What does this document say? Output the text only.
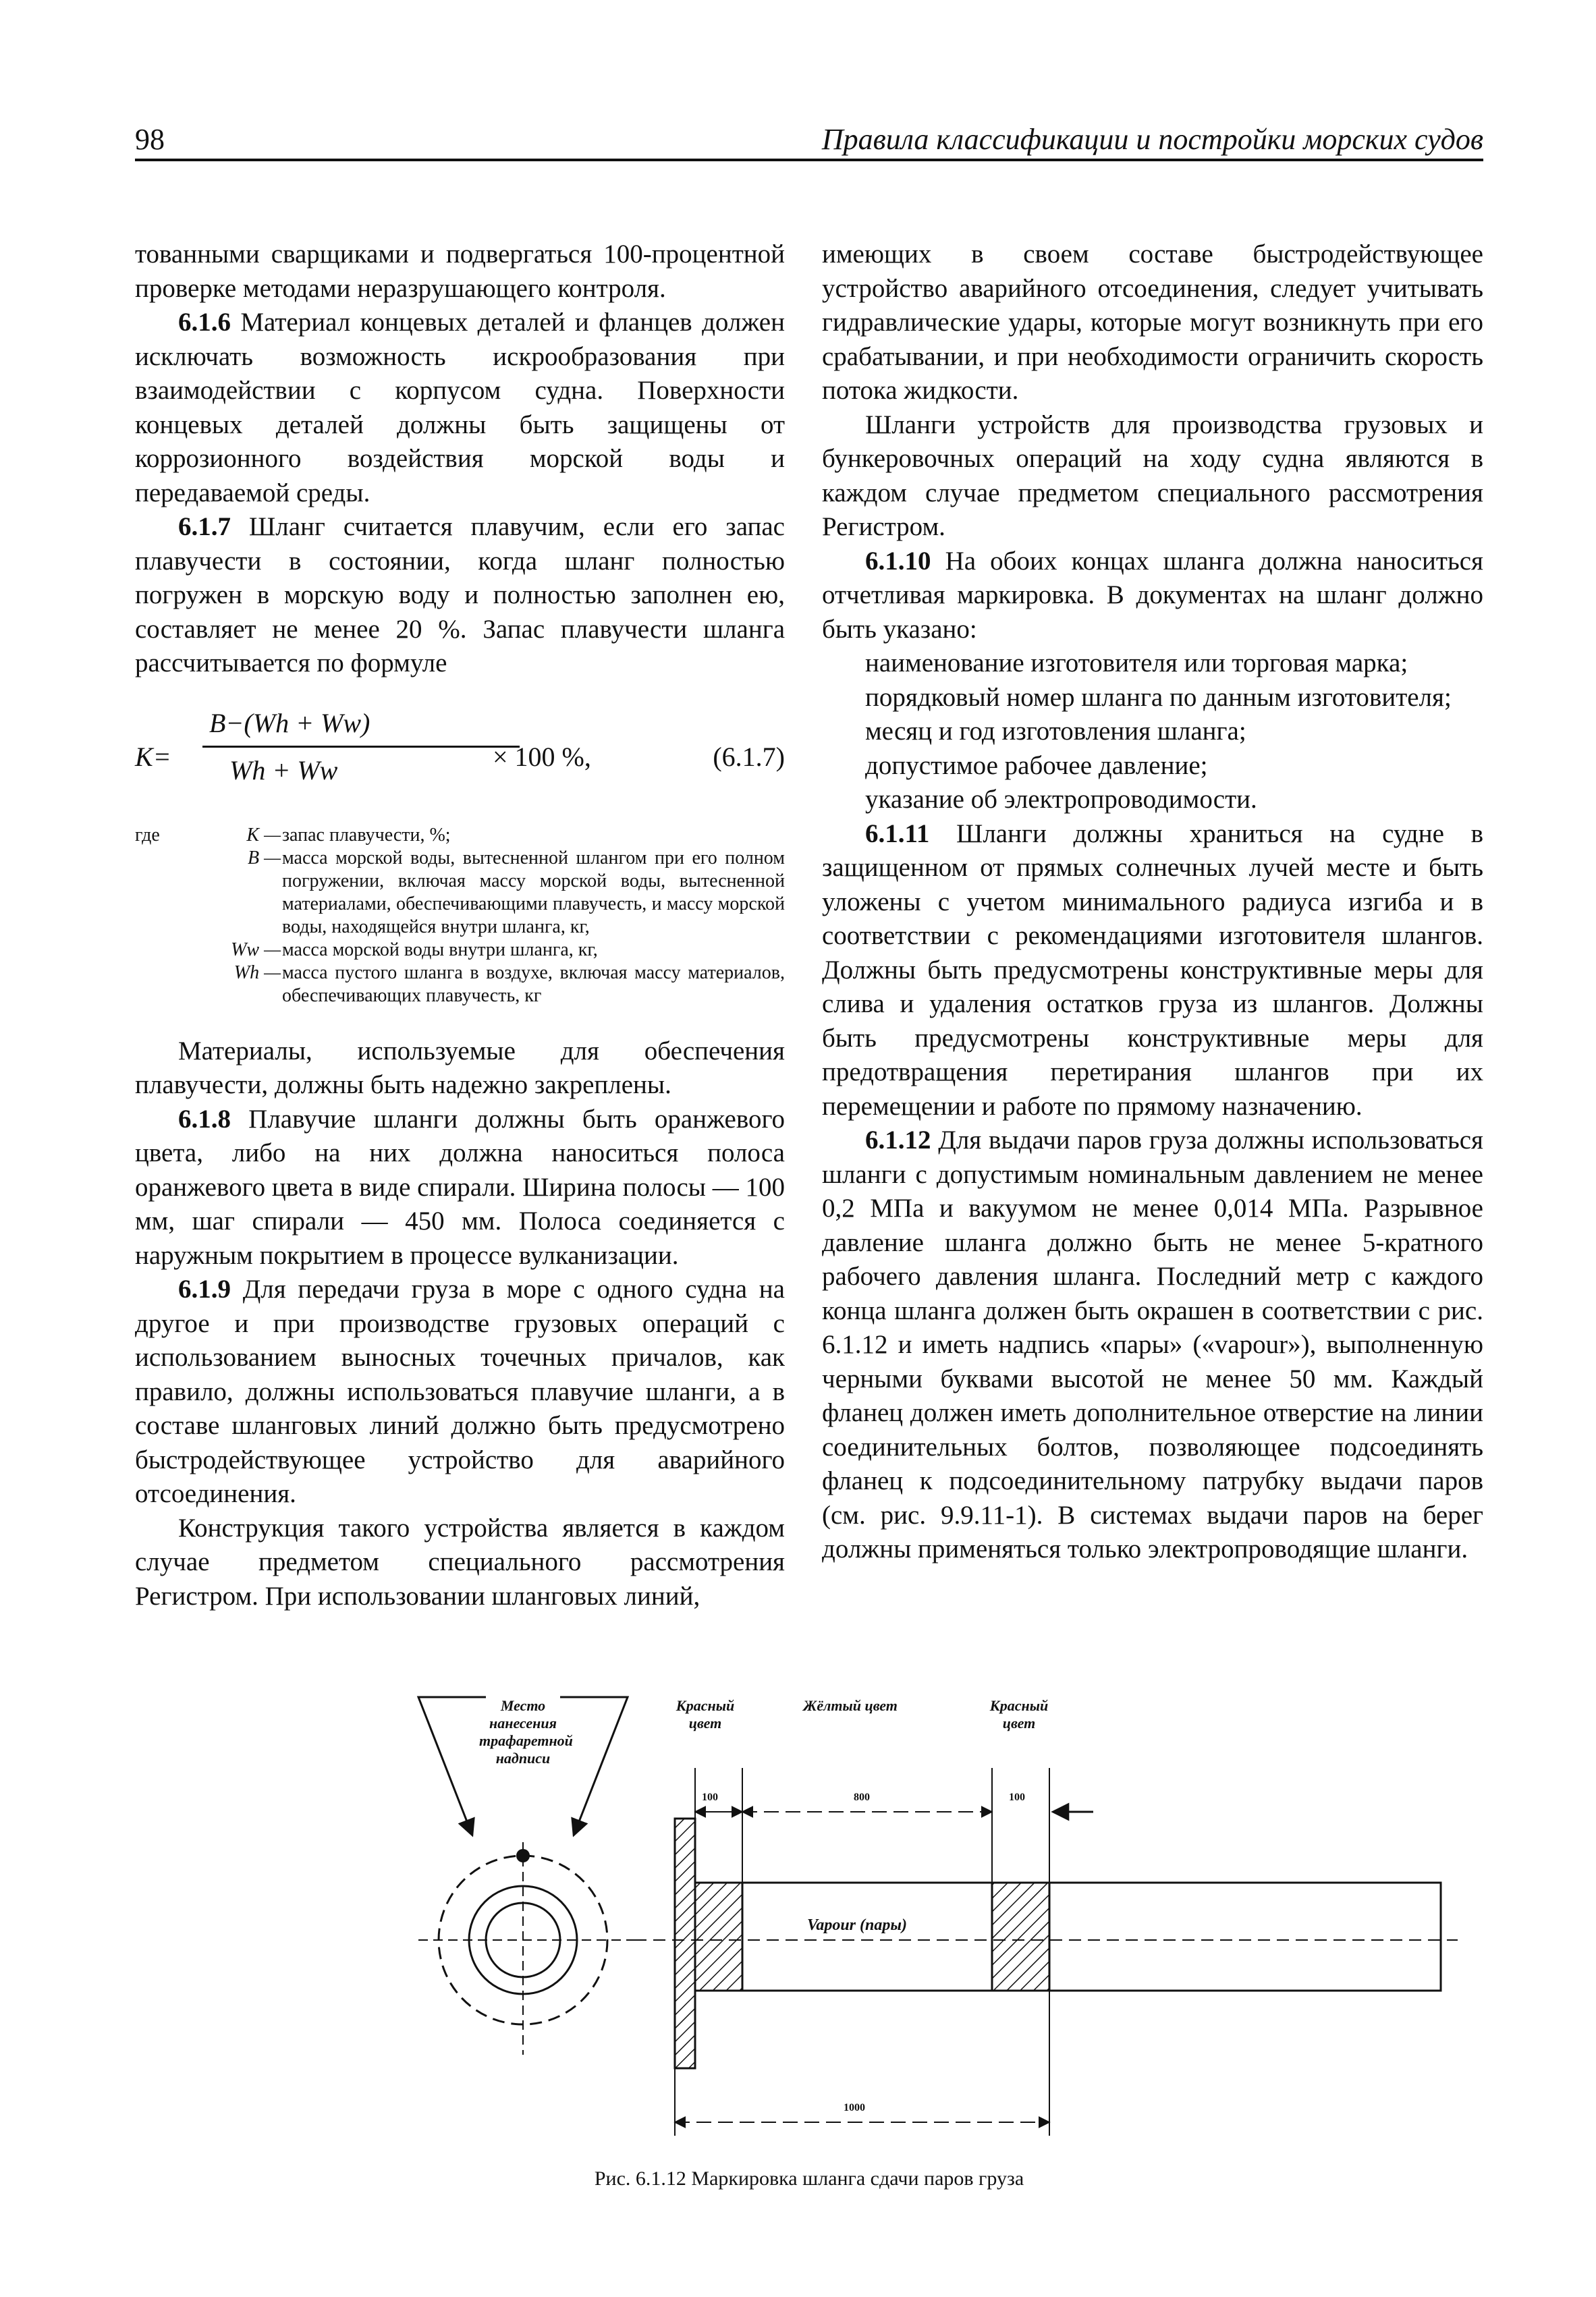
98	Правила классификации и постройки морских судов

тованными сварщиками и подвергаться 100-процентной проверке методами неразрушающего контроля.

6.1.6 Материал концевых деталей и фланцев должен исключать возможность искрообразования при взаимодействии с корпусом судна. Поверхности концевых деталей должны быть защищены от коррозионного воздействия морской воды и передаваемой среды.

6.1.7 Шланг считается плавучим, если его запас плавучести в состоянии, когда шланг полностью погружен в морскую воду и полностью заполнен ею, составляет не менее 20 %. Запас плавучести шланга рассчитывается по формуле

K=
B−(Wh + Ww)
Wh + Ww	× 100 %,	(6.1.7)
где	K — запас плавучести, %;
B — масса морской воды, вытесненной шлангом при его полном погружении, включая массу морской воды, вытесненной материалами, обеспечивающими плавучесть, и массу морской воды, находящейся внутри шланга, кг,
Ww — масса морской воды внутри шланга, кг,
Wh — масса пустого шланга в воздухе, включая массу материалов, обеспечивающих плавучесть, кг

Материалы, используемые для обеспечения плавучести, должны быть надежно закреплены.

6.1.8 Плавучие шланги должны быть оранжевого цвета, либо на них должна наноситься полоса оранжевого цвета в виде спирали. Ширина полосы — 100 мм, шаг спирали — 450 мм. Полоса соединяется с наружным покрытием в процессе вулканизации.

6.1.9 Для передачи груза в море с одного судна на другое и при производстве грузовых операций с использованием выносных точечных причалов, как правило, должны использоваться плавучие шланги, а в составе шланговых линий должно быть предусмотрено быстродействующее устройство для аварийного отсоединения.

Конструкция такого устройства является в каждом случае предметом специального рассмотрения Регистром. При использовании шланговых линий,

имеющих в своем составе быстродействующее устройство аварийного отсоединения, следует учитывать гидравлические удары, которые могут возникнуть при его срабатывании, и при необходимости ограничить скорость потока жидкости.

Шланги устройств для производства грузовых и бункеровочных операций на ходу судна являются в каждом случае предметом специального рассмотрения Регистром.

6.1.10 На обоих концах шланга должна наноситься отчетливая маркировка. В документах на шланг должно быть указано:

наименование изготовителя или торговая марка;

порядковый номер шланга по данным изготовителя;

месяц и год изготовления шланга;

допустимое рабочее давление;

указание об электропроводимости.

6.1.11 Шланги должны храниться на судне в защищенном от прямых солнечных лучей месте и быть уложены с учетом минимального радиуса изгиба и в соответствии с рекомендациями изготовителя шлангов. Должны быть предусмотрены конструктивные меры для слива и удаления остатков груза из шлангов. Должны быть предусмотрены конструктивные меры для предотвращения перетирания шлангов при их перемещении и работе по прямому назначению.

6.1.12 Для выдачи паров груза должны использоваться шланги с допустимым номинальным давлением не менее 0,2 МПа и вакуумом не менее 0,014 МПа. Разрывное давление шланга должно быть не менее 5-кратного рабочего давления шланга. Последний метр с каждого конца шланга должен быть окрашен в соответствии с рис. 6.1.12 и иметь надпись «пары» («vapour»), выполненную черными буквами высотой не менее 50 мм. Каждый фланец должен иметь дополнительное отверстие на линии соединительных болтов, позволяющее подсоединять фланец к подсоединительному патрубку выдачи паров (см. рис. 9.9.11-1). В системах выдачи паров на берег должны применяться только электропроводящие шланги.

Место нанесения трафаретной надписи
Красный цвет
Жёлтый цвет	Красный цвет
100	800	100
1000
Vapour (пары)
Рис. 6.1.12 Маркировка шланга сдачи паров груза
